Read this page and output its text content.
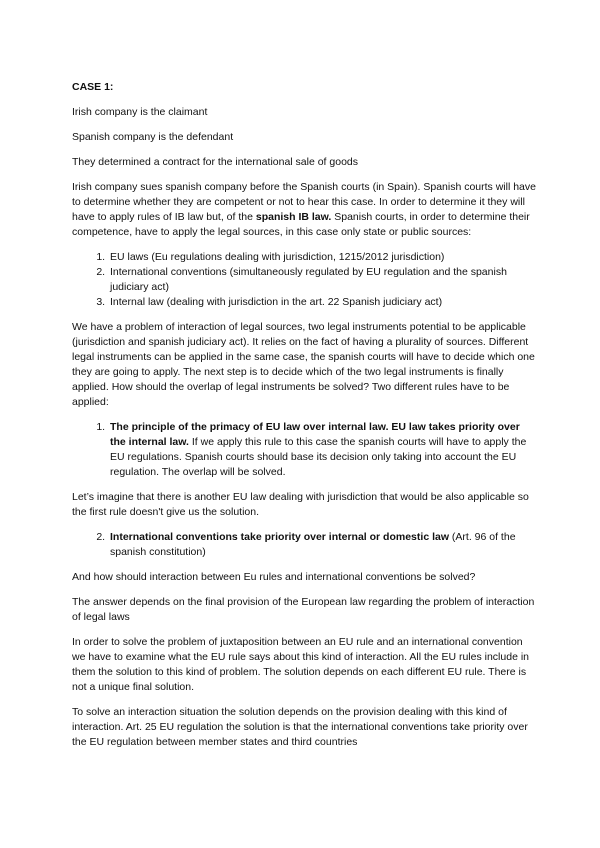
CASE 1:

Irish company is the claimant

Spanish company is the defendant

They determined a contract for the international sale of goods

Irish company sues spanish company before the Spanish courts (in Spain). Spanish courts will have to determine whether they are competent or not to hear this case. In order to determine it they will have to apply rules of IB law but, of the spanish IB law. Spanish courts, in order to determine their competence, have to apply the legal sources, in this case only state or public sources:

1. EU laws (Eu regulations dealing with jurisdiction, 1215/2012 jurisdiction)
2. International conventions (simultaneously regulated by EU regulation and the spanish judiciary act)
3. Internal law (dealing with jurisdiction in the art. 22 Spanish judiciary act)

We have a problem of interaction of legal sources, two legal instruments potential to be applicable (jurisdiction and spanish judiciary act). It relies on the fact of having a plurality of sources. Different legal instruments can be applied in the same case, the spanish courts will have to decide which one they are going to apply. The next step is to decide which of the two legal instruments is finally applied. How should the overlap of legal instruments be solved? Two different rules have to be applied:

1. The principle of the primacy of EU law over internal law. EU law takes priority over the internal law. If we apply this rule to this case the spanish courts will have to apply the EU regulations. Spanish courts should base its decision only taking into account the EU regulation. The overlap will be solved.

Let’s imagine that there is another EU law dealing with jurisdiction that would be also applicable so the first rule doesn't give us the solution.

2. International conventions take priority over internal or domestic law (Art. 96 of the spanish constitution)

And how should interaction between Eu rules and international conventions be solved?

The answer depends on the final provision of the European law regarding the problem of interaction of legal laws

In order to solve the problem of juxtaposition between an EU rule and an international convention we have to examine what the EU rule says about this kind of interaction. All the EU rules include in them the solution to this kind of problem. The solution depends on each different EU rule. There is not a unique final solution.

To solve an interaction situation the solution depends on the provision dealing with this kind of interaction. Art. 25 EU regulation the solution is that the international conventions take priority over the EU regulation between member states and third countries
